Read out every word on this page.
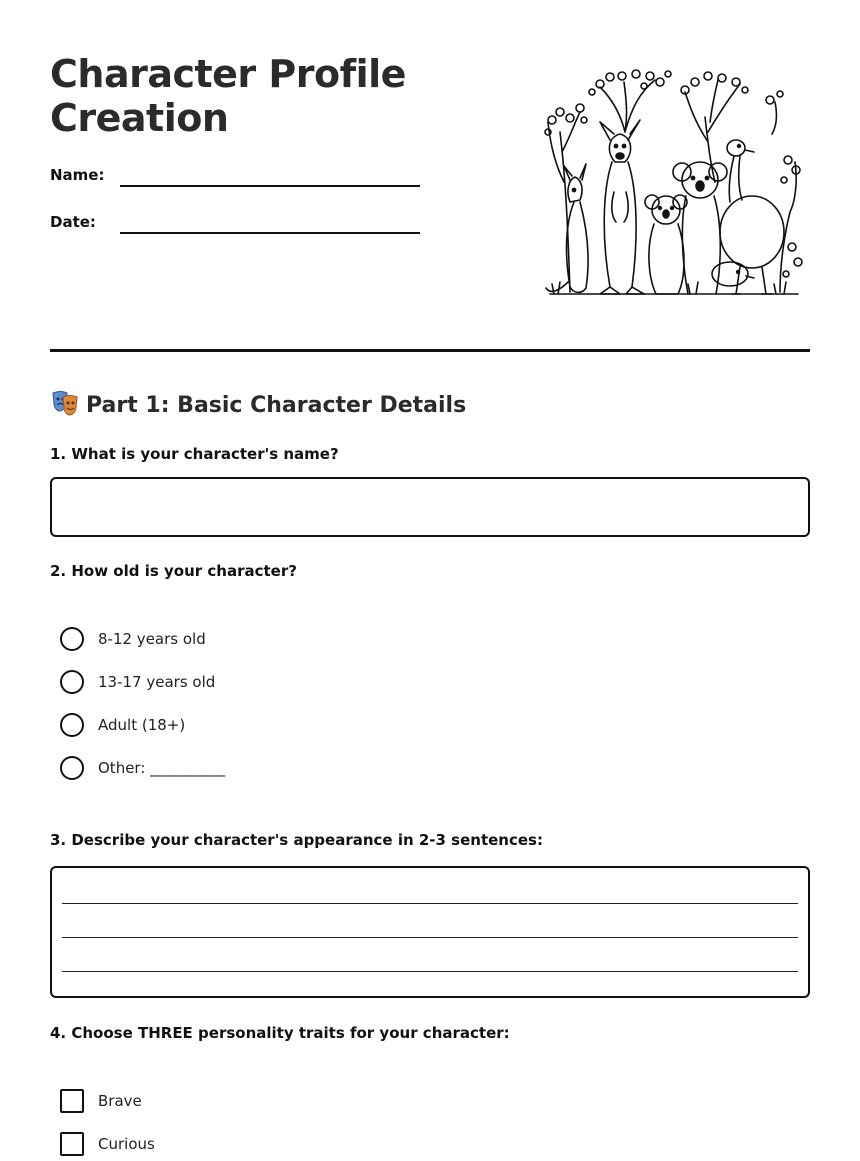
Character Profile Creation
Name:
Date:
Part 1: Basic Character Details
1. What is your character's name?
2. How old is your character?
8-12 years old
13-17 years old
Adult (18+)
Other: __________
3. Describe your character's appearance in 2-3 sentences:
4. Choose THREE personality traits for your character:
Brave
Curious
